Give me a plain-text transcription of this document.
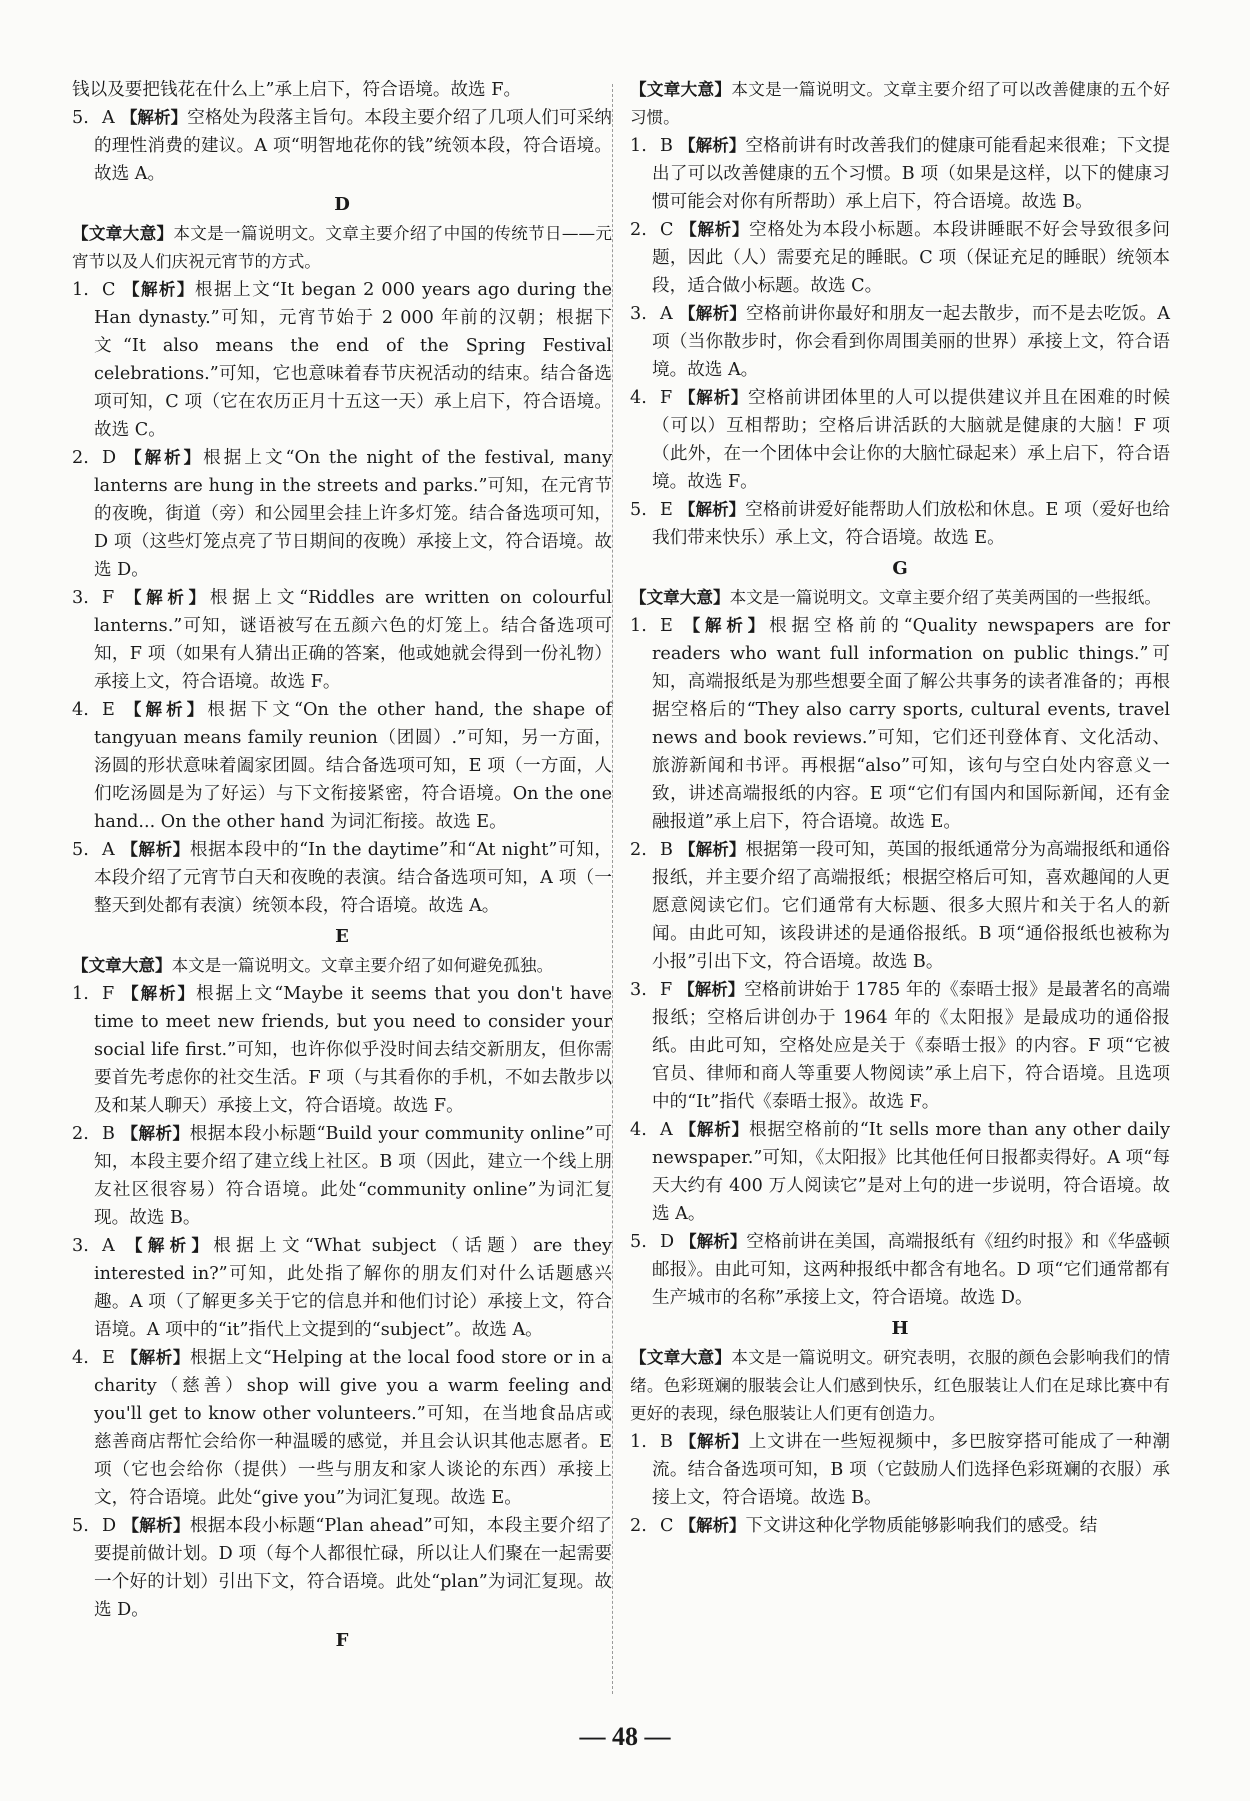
钱以及要把钱花在什么上”承上启下，符合语境。故选 F。

5. A 【解析】空格处为段落主旨句。本段主要介绍了几项人们可采纳的理性消费的建议。A 项“明智地花你的钱”统领本段，符合语境。故选 A。
D

【文章大意】本文是一篇说明文。文章主要介绍了中国的传统节日——元宵节以及人们庆祝元宵节的方式。

1. C 【解析】根据上文“It began 2 000 years ago during the Han dynasty.”可知，元宵节始于 2 000 年前的汉朝；根据下文“It also means the end of the Spring Festival celebrations.”可知，它也意味着春节庆祝活动的结束。结合备选项可知，C 项（它在农历正月十五这一天）承上启下，符合语境。故选 C。
2. D 【解析】根据上文“On the night of the festival, many lanterns are hung in the streets and parks.”可知，在元宵节的夜晚，街道（旁）和公园里会挂上许多灯笼。结合备选项可知，D 项（这些灯笼点亮了节日期间的夜晚）承接上文，符合语境。故选 D。
3. F 【解析】根据上文“Riddles are written on colourful lanterns.”可知，谜语被写在五颜六色的灯笼上。结合备选项可知，F 项（如果有人猜出正确的答案，他或她就会得到一份礼物）承接上文，符合语境。故选 F。
4. E 【解析】根据下文“On the other hand, the shape of tangyuan means family reunion（团圆）.”可知，另一方面，汤圆的形状意味着阖家团圆。结合备选项可知，E 项（一方面，人们吃汤圆是为了好运）与下文衔接紧密，符合语境。On the one hand... On the other hand 为词汇衔接。故选 E。
5. A 【解析】根据本段中的“In the daytime”和“At night”可知，本段介绍了元宵节白天和夜晚的表演。结合备选项可知，A 项（一整天到处都有表演）统领本段，符合语境。故选 A。
E

【文章大意】本文是一篇说明文。文章主要介绍了如何避免孤独。

1. F 【解析】根据上文“Maybe it seems that you don't have time to meet new friends, but you need to consider your social life first.”可知，也许你似乎没时间去结交新朋友，但你需要首先考虑你的社交生活。F 项（与其看你的手机，不如去散步以及和某人聊天）承接上文，符合语境。故选 F。
2. B 【解析】根据本段小标题“Build your community online”可知，本段主要介绍了建立线上社区。B 项（因此，建立一个线上朋友社区很容易）符合语境。此处“community online”为词汇复现。故选 B。
3. A 【解析】根据上文“What subject（话题）are they interested in?”可知，此处指了解你的朋友们对什么话题感兴趣。A 项（了解更多关于它的信息并和他们讨论）承接上文，符合语境。A 项中的“it”指代上文提到的“subject”。故选 A。
4. E 【解析】根据上文“Helping at the local food store or in a charity（慈善）shop will give you a warm feeling and you'll get to know other volunteers.”可知，在当地食品店或慈善商店帮忙会给你一种温暖的感觉，并且会认识其他志愿者。E 项（它也会给你（提供）一些与朋友和家人谈论的东西）承接上文，符合语境。此处“give you”为词汇复现。故选 E。
5. D 【解析】根据本段小标题“Plan ahead”可知，本段主要介绍了要提前做计划。D 项（每个人都很忙碌，所以让人们聚在一起需要一个好的计划）引出下文，符合语境。此处“plan”为词汇复现。故选 D。
F

【文章大意】本文是一篇说明文。文章主要介绍了可以改善健康的五个好习惯。

1. B 【解析】空格前讲有时改善我们的健康可能看起来很难；下文提出了可以改善健康的五个习惯。B 项（如果是这样，以下的健康习惯可能会对你有所帮助）承上启下，符合语境。故选 B。
2. C 【解析】空格处为本段小标题。本段讲睡眠不好会导致很多问题，因此（人）需要充足的睡眠。C 项（保证充足的睡眠）统领本段，适合做小标题。故选 C。
3. A 【解析】空格前讲你最好和朋友一起去散步，而不是去吃饭。A 项（当你散步时，你会看到你周围美丽的世界）承接上文，符合语境。故选 A。
4. F 【解析】空格前讲团体里的人可以提供建议并且在困难的时候（可以）互相帮助；空格后讲活跃的大脑就是健康的大脑！F 项（此外，在一个团体中会让你的大脑忙碌起来）承上启下，符合语境。故选 F。
5. E 【解析】空格前讲爱好能帮助人们放松和休息。E 项（爱好也给我们带来快乐）承上文，符合语境。故选 E。
G

【文章大意】本文是一篇说明文。文章主要介绍了英美两国的一些报纸。

1. E 【解析】根据空格前的“Quality newspapers are for readers who want full information on public things.”可知，高端报纸是为那些想要全面了解公共事务的读者准备的；再根据空格后的“They also carry sports, cultural events, travel news and book reviews.”可知，它们还刊登体育、文化活动、旅游新闻和书评。再根据“also”可知，该句与空白处内容意义一致，讲述高端报纸的内容。E 项“它们有国内和国际新闻，还有金融报道”承上启下，符合语境。故选 E。
2. B 【解析】根据第一段可知，英国的报纸通常分为高端报纸和通俗报纸，并主要介绍了高端报纸；根据空格后可知，喜欢趣闻的人更愿意阅读它们。它们通常有大标题、很多大照片和关于名人的新闻。由此可知，该段讲述的是通俗报纸。B 项“通俗报纸也被称为小报”引出下文，符合语境。故选 B。
3. F 【解析】空格前讲始于 1785 年的《泰晤士报》是最著名的高端报纸；空格后讲创办于 1964 年的《太阳报》是最成功的通俗报纸。由此可知，空格处应是关于《泰晤士报》的内容。F 项“它被官员、律师和商人等重要人物阅读”承上启下，符合语境。且选项中的“It”指代《泰晤士报》。故选 F。
4. A 【解析】根据空格前的“It sells more than any other daily newspaper.”可知，《太阳报》比其他任何日报都卖得好。A 项“每天大约有 400 万人阅读它”是对上句的进一步说明，符合语境。故选 A。
5. D 【解析】空格前讲在美国，高端报纸有《纽约时报》和《华盛顿邮报》。由此可知，这两种报纸中都含有地名。D 项“它们通常都有生产城市的名称”承接上文，符合语境。故选 D。
H

【文章大意】本文是一篇说明文。研究表明，衣服的颜色会影响我们的情绪。色彩斑斓的服装会让人们感到快乐，红色服装让人们在足球比赛中有更好的表现，绿色服装让人们更有创造力。

1. B 【解析】上文讲在一些短视频中，多巴胺穿搭可能成了一种潮流。结合备选项可知，B 项（它鼓励人们选择色彩斑斓的衣服）承接上文，符合语境。故选 B。
2. C 【解析】下文讲这种化学物质能够影响我们的感受。结
— 48 —
